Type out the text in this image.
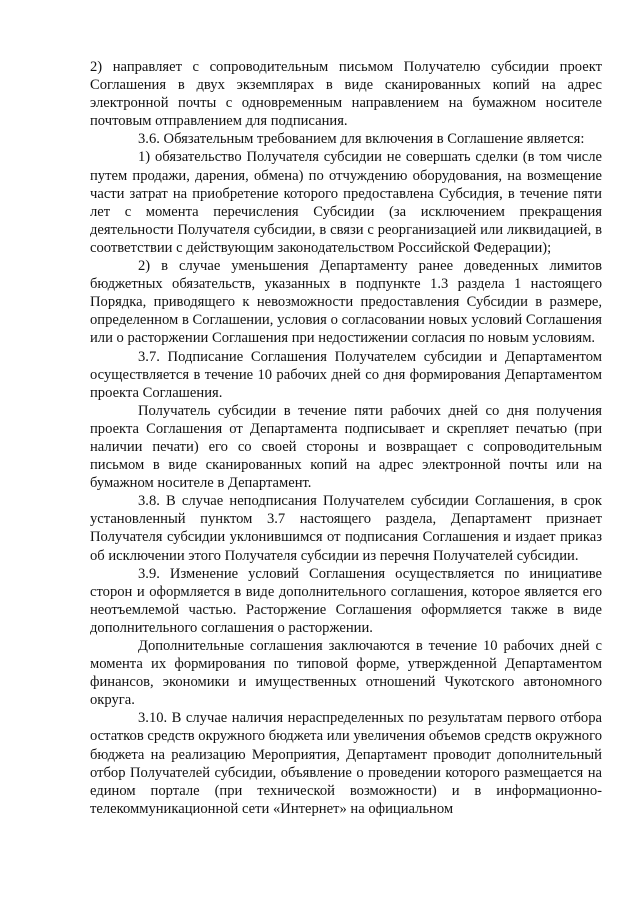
2) направляет с сопроводительным письмом Получателю субсидии проект Соглашения в двух экземплярах в виде сканированных копий на адрес электронной почты с одновременным направлением на бумажном носителе почтовым отправлением для подписания.

3.6. Обязательным требованием для включения в Соглашение является:

1) обязательство Получателя субсидии не совершать сделки (в том числе путем продажи, дарения, обмена) по отчуждению оборудования, на возмещение части затрат на приобретение которого предоставлена Субсидия, в течение пяти лет с момента перечисления Субсидии (за исключением прекращения деятельности Получателя субсидии, в связи с реорганизацией или ликвидацией, в соответствии с действующим законодательством Российской Федерации);

2) в случае уменьшения Департаменту ранее доведенных лимитов бюджетных обязательств, указанных в подпункте 1.3 раздела 1 настоящего Порядка, приводящего к невозможности предоставления Субсидии в размере, определенном в Соглашении, условия о согласовании новых условий Соглашения или о расторжении Соглашения при недостижении согласия по новым условиям.

3.7. Подписание Соглашения Получателем субсидии и Департаментом осуществляется в течение 10 рабочих дней со дня формирования Департаментом проекта Соглашения.

Получатель субсидии в течение пяти рабочих дней со дня получения проекта Соглашения от Департамента подписывает и скрепляет печатью (при наличии печати) его со своей стороны и возвращает с сопроводительным письмом в виде сканированных копий на адрес электронной почты или на бумажном носителе в Департамент.

3.8. В случае неподписания Получателем субсидии Соглашения, в срок установленный пунктом 3.7 настоящего раздела, Департамент признает Получателя субсидии уклонившимся от подписания Соглашения и издает приказ об исключении этого Получателя субсидии из перечня Получателей субсидии.

3.9. Изменение условий Соглашения осуществляется по инициативе сторон и оформляется в виде дополнительного соглашения, которое является его неотъемлемой частью. Расторжение Соглашения оформляется также в виде дополнительного соглашения о расторжении.

Дополнительные соглашения заключаются в течение 10 рабочих дней с момента их формирования по типовой форме, утвержденной Департаментом финансов, экономики и имущественных отношений Чукотского автономного округа.

3.10. В случае наличия нераспределенных по результатам первого отбора остатков средств окружного бюджета или увеличения объемов средств окружного бюджета на реализацию Мероприятия, Департамент проводит дополнительный отбор Получателей субсидии, объявление о проведении которого размещается на едином портале (при технической возможности) и в информационно-телекоммуникационной сети «Интернет» на официальном
